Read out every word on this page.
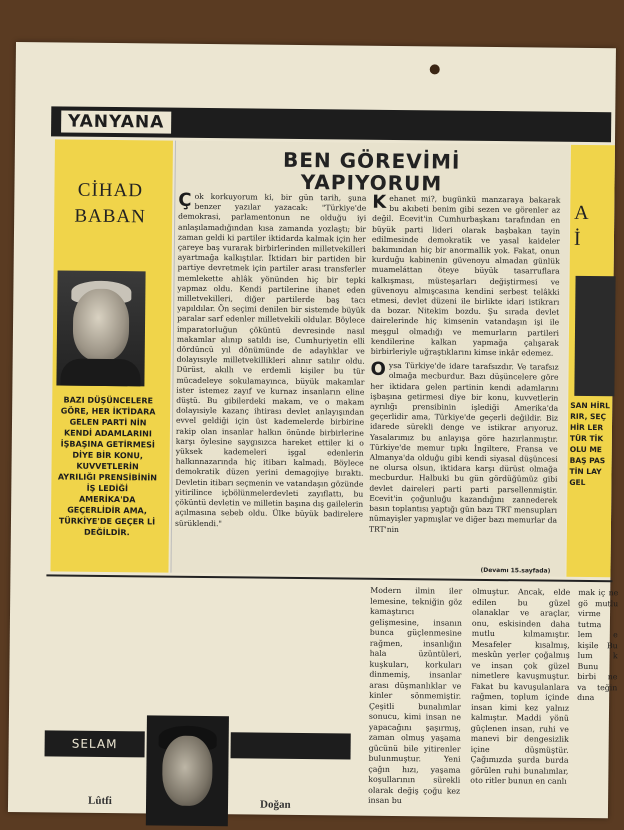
YANYANA
CİHAD
BABAN
BAZI DÜŞÜNCELERE GÖRE, HER İKTİDARA GELEN PARTİ NİN KENDİ ADAMLARINI İŞBAŞINA GETİRMESİ DİYE BİR KONU, KUVVETLERİN AYRILIĞI PRENSİBİNİN İŞ LEDİĞİ AMERİKA'DA GEÇERLİDİR AMA, TÜRKİYE'DE GEÇER Lİ DEĞİLDİR.
BEN GÖREVİMİ
YAPIYORUM
Çok korkuyorum ki, bir gün tarih, şuna benzer yazılar yazacak: "Türkiye'de demokrasi, parlamentonun ne olduğu iyi anlaşılamadığından kısa zamanda yozlaştı; bir zaman geldi ki partiler iktidarda kalmak için her çareye baş vurarak birbirlerinden milletvekilleri ayartmağa kalkıştılar. İktidarı bir partiden bir partiye devretmek için partiler arası transferler memlekette ahlâk yönünden hiç bir tepki yapmaz oldu. Kendi partilerine ihanet eden milletvekilleri, diğer partilerde baş tacı yapıldılar. Ön seçimi denilen bir sistemde büyük paralar sarf edenler milletvekili oldular. Böylece imparatorluğun çöküntü devresinde nasıl makamlar alınıp satıldı ise, Cumhuriyetin elli dördüncü yıl dönümünde de adaylıklar ve dolayısıyle milletvekillikleri alınır satılır oldu. Dürüst, akıllı ve erdemli kişiler bu tür mücadeleye sokulamayınca, büyük makamlar ister istemez zayıf ve kurnaz insanların eline düştü. Bu gibilerdeki makam, ve o makam dolayısiyle kazanç ihtirası devlet anlayışından evvel geldiği için üst kademelerde birbirine rakip olan insanlar halkın önünde birbirlerine karşı öylesine saygısızca hareket ettiler ki o yüksek kademeleri işgal edenlerin halkınnazarında hiç itibarı kalmadı. Böylece demokratik düzen yerini demagojiye bıraktı. Devletin itibarı seçmenin ve vatandaşın gözünde yitirilince içbölünmelerdevleti zayıflattı, bu çöküntü devletin ve milletin başına dış gailelerin açılmasına sebeb oldu. Ülke büyük badirelere sürüklendi."
Kehanet mi?, bugünkü manzaraya bakarak bu akıbeti benim gibi sezen ve görenler az değil. Ecevit'in Cumhurbaşkanı tarafından en büyük parti lideri olarak başbakan tayin edilmesinde demokratik ve yasal kaideler bakımından hiç bir anormallik yok. Fakat, onun kurduğu kabinenin güvenoyu almadan günlük muameláttan öteye büyük tasarruflara kalkışması, müsteşarları değiştirmesi ve güvenoyu almışcasına kendini serbest telâkki etmesi, devlet düzeni ile birlikte idari istikrarı da bozar. Nitekim bozdu. Şu sırada devlet dairelerinde hiç kimsenin vatandaşın işi ile meşgul olmadığı ve memurların partileri kendilerine kalkan yapmağa çalışarak birbirleriyle uğraştıklarını kimse inkâr edemez.
O ysa Türkiye'de idare tarafsızdır. Ve tarafsız olmağa mecburdur. Bazı düşüncelere göre her iktidara gelen partinin kendi adamlarını işbaşına getirmesi diye bir konu, kuvvetlerin ayrılığı prensibinin işlediği Amerika'da geçerlidir ama, Türkiye'de geçerli değildir. Biz idarede sürekli denge ve istikrar arıyoruz. Yasalarımız bu anlayışa göre hazırlanmıştır. Türkiye'de memur tıpkı İngiltere, Fransa ve Almanya'da olduğu gibi kendi siyasal düşüncesi ne olursa olsun, iktidara karşı dürüst olmağa mecburdur. Halbuki bu gün gördüğümüz gibi devlet daireleri parti parti parsellenmiştir. Ecevit'in çoğunluğu kazandığını zannederek basın toplantısı yaptığı gün bazı TRT mensupları nümayişler yapmışlar ve diğer bazı memurlar da TRT'nin
(Devamı 15.sayfada)
A
İ
SAN HİRL RIR, SEÇ HİR LER TÜR TİK OLU ME BAŞ PAS TİN LAY GEL
Modern ilmin iler lemesine, tekniğin göz kamaştırıcı gelişmesine, insanın bunca güçlenmesine rağmen, insanlığın hala üzüntüleri, kuşkuları, korkuları dinmemiş, insanlar arası düşmanlıklar ve kinler sönmemiştir. Çeşitli bunalımlar sonucu, kimi insan ne yapacağını şaşırmış, zaman olmuş yaşama gücünü bile yitirenler bulunmuştur. Yeni çağın hızı, yaşama koşullarının sürekli olarak değiş çoğu kez insan bu
olmuştur. Ancak, elde edilen bu güzel olanaklar ve araçlar, onu, eskisinden daha mutlu kılmamıştır. Mesafeler kısalmış, meskûn yerler çoğalmış ve insan çok güzel nimetlere kavuşmuştur. Fakat bu kavuşulanlara rağmen, toplum içinde insan kimi kez yalnız kalmıştır. Maddi yönü güçlenen insan, ruhi ve manevi bir dengesizlik içine düşmüştür. Çağımızda şurda burda görülen ruhi bunalımlar, oto ritler bunun en canlı
mak iç ne gö mutlu virme tutma lem e kişile Bu lum k Bunu birbi ne va teğin dına
SELAM
Lûtfi	Doğan
